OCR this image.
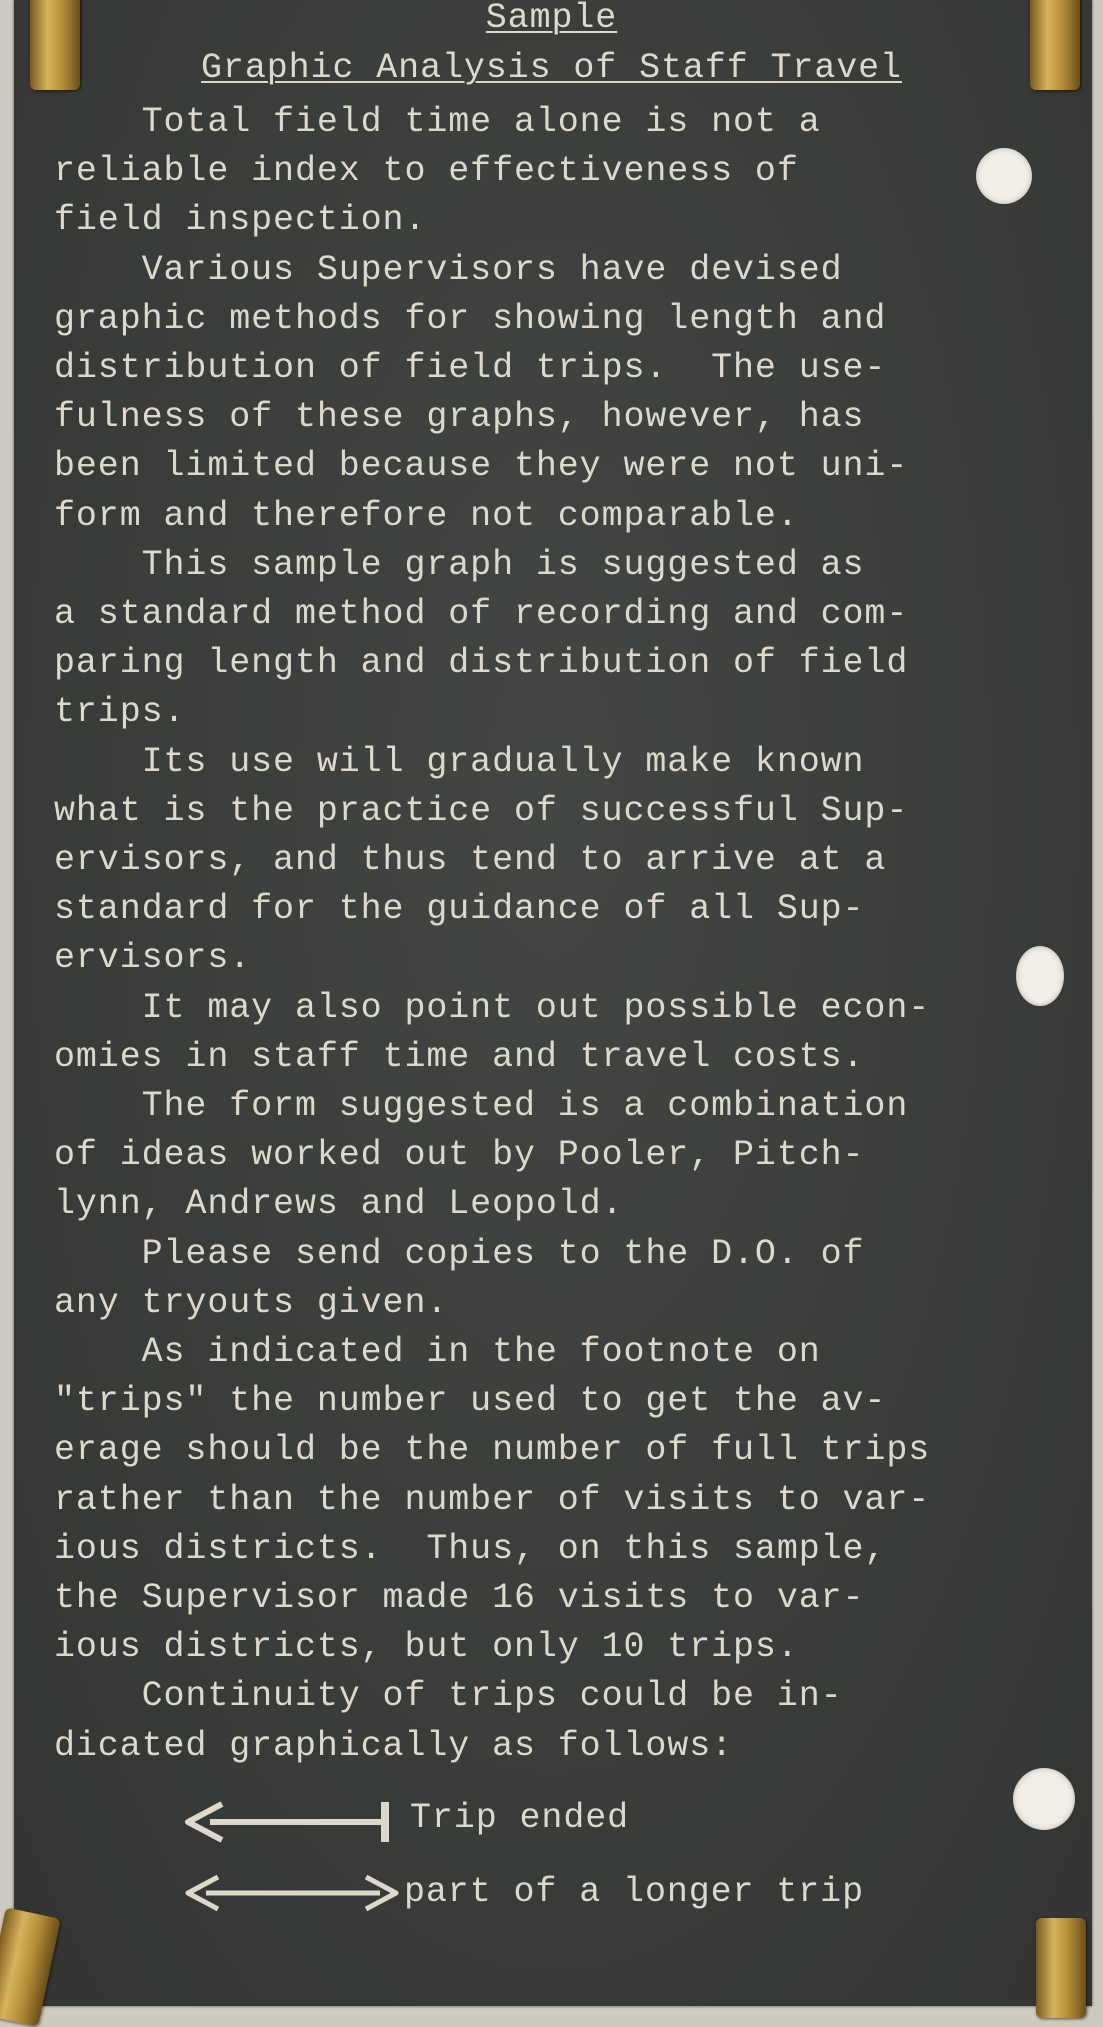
Sample
Graphic Analysis of Staff Travel
Total field time alone is not a
reliable index to effectiveness of
field inspection.
Various Supervisors have devised
graphic methods for showing length and
distribution of field trips.  The use-
fulness of these graphs, however, has
been limited because they were not uni-
form and therefore not comparable.
This sample graph is suggested as
a standard method of recording and com-
paring length and distribution of field
trips.
Its use will gradually make known
what is the practice of successful Sup-
ervisors, and thus tend to arrive at a
standard for the guidance of all Sup-
ervisors.
It may also point out possible econ-
omies in staff time and travel costs.
The form suggested is a combination
of ideas worked out by Pooler, Pitch-
lynn, Andrews and Leopold.
Please send copies to the D.O. of
any tryouts given.
As indicated in the footnote on
"trips" the number used to get the av-
erage should be the number of full trips
rather than the number of visits to var-
ious districts.  Thus, on this sample,
the Supervisor made 16 visits to var-
ious districts, but only 10 trips.
Continuity of trips could be in-
dicated graphically as follows:
Trip ended
part of a longer trip
